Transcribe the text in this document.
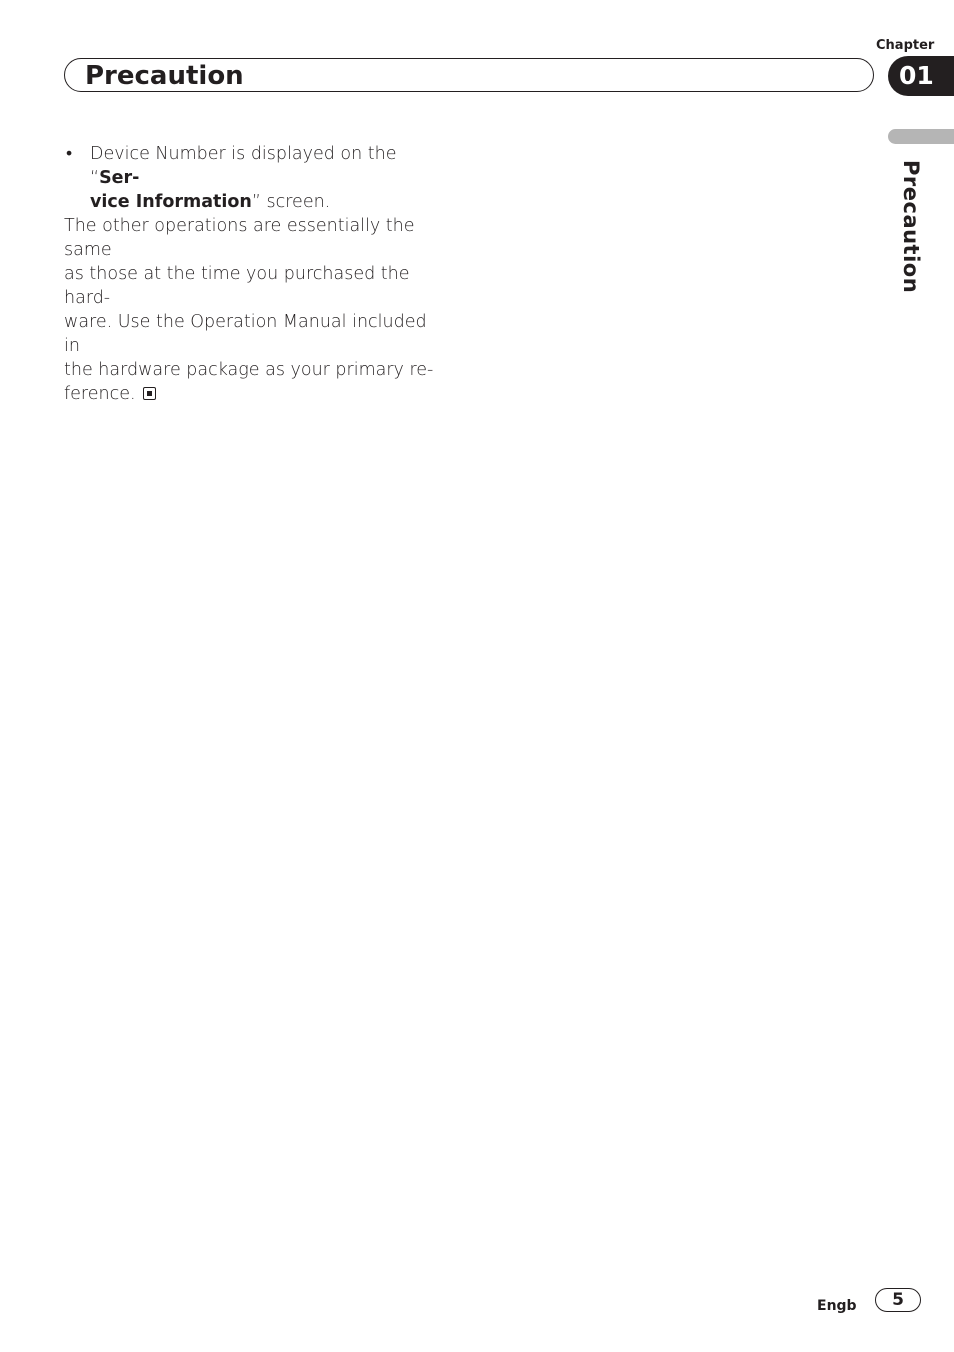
Chapter
Precaution	01
Precaution
• Device Number is displayed on the “Ser-
vice Information” screen.

The other operations are essentially the same
as those at the time you purchased the hard-
ware. Use the Operation Manual included in
the hardware package as your primary re-
ference.

Engb	5
